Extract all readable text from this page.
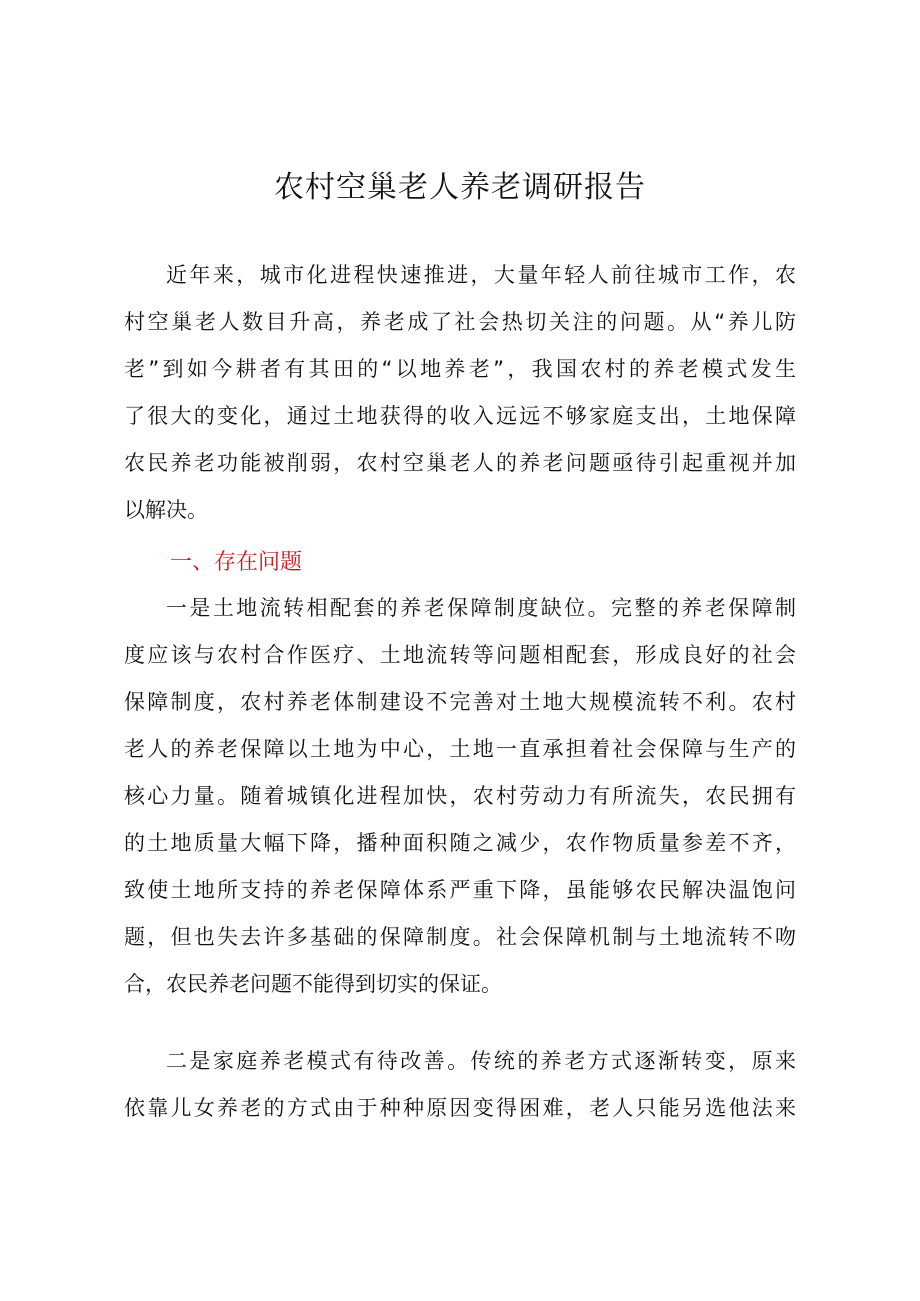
农村空巢老人养老调研报告
近年来，城市化进程快速推进，大量年轻人前往城市工作，农
村空巢老人数目升高，养老成了社会热切关注的问题。从“养儿防
老”到如今耕者有其田的“以地养老”，我国农村的养老模式发生
了很大的变化，通过土地获得的收入远远不够家庭支出，土地保障
农民养老功能被削弱，农村空巢老人的养老问题亟待引起重视并加
以解决。
一、存在问题
一是土地流转相配套的养老保障制度缺位。完整的养老保障制
度应该与农村合作医疗、土地流转等问题相配套，形成良好的社会
保障制度，农村养老体制建设不完善对土地大规模流转不利。农村
老人的养老保障以土地为中心，土地一直承担着社会保障与生产的
核心力量。随着城镇化进程加快，农村劳动力有所流失，农民拥有
的土地质量大幅下降，播种面积随之减少，农作物质量参差不齐，
致使土地所支持的养老保障体系严重下降，虽能够农民解决温饱问
题，但也失去许多基础的保障制度。社会保障机制与土地流转不吻
合，农民养老问题不能得到切实的保证。
二是家庭养老模式有待改善。传统的养老方式逐渐转变，原来
依靠儿女养老的方式由于种种原因变得困难，老人只能另选他法来
